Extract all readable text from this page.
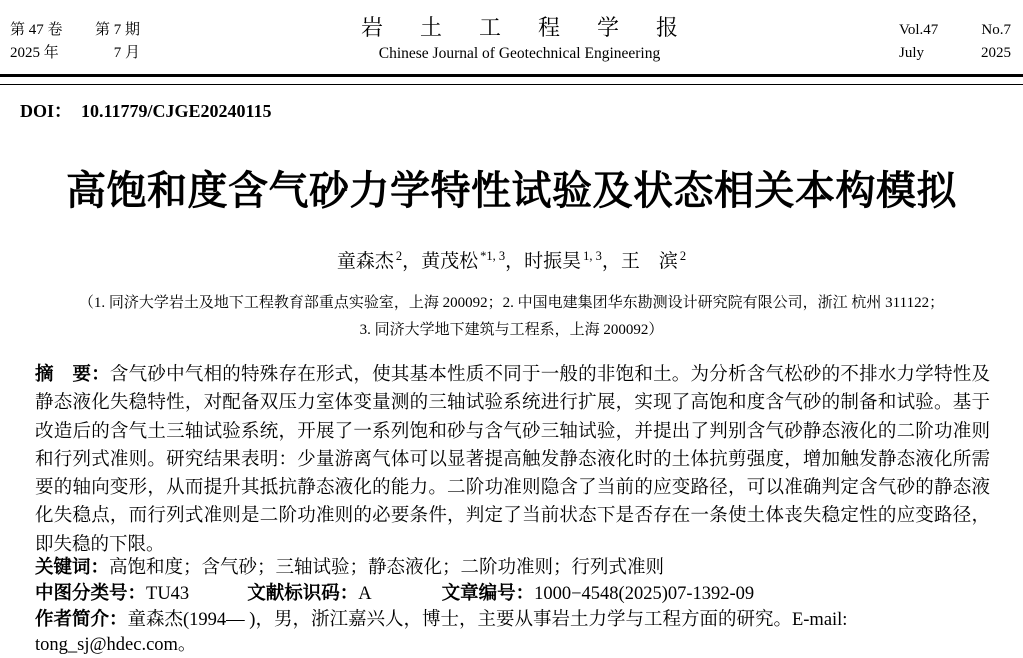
第 47 卷 第 7 期
2025 年	7 月
岩土工程学报
Chinese Journal of Geotechnical Engineering
Vol.47	No.7
July	2025
DOI： 10.11779/CJGE20240115
高饱和度含气砂力学特性试验及状态相关本构模拟
童森杰 $^2$，黄茂松 $^{*1, 3}$，时振昊 $^{1, 3}$，王　滨 $^2$
（1. 同济大学岩土及地下工程教育部重点实验室，上海 200092；2. 中国电建集团华东勘测设计研究院有限公司，浙江 杭州 311122；
3. 同济大学地下建筑与工程系，上海 200092）
摘　要：含气砂中气相的特殊存在形式，使其基本性质不同于一般的非饱和土。为分析含气松砂的不排水力学特性及
静态液化失稳特性，对配备双压力室体变量测的三轴试验系统进行扩展，实现了高饱和度含气砂的制备和试验。基于
改造后的含气土三轴试验系统，开展了一系列饱和砂与含气砂三轴试验，并提出了判别含气砂静态液化的二阶功准则
和行列式准则。研究结果表明：少量游离气体可以显著提高触发静态液化时的土体抗剪强度，增加触发静态液化所需
要的轴向变形，从而提升其抵抗静态液化的能力。二阶功准则隐含了当前的应变路径，可以准确判定含气砂的静态液
化失稳点，而行列式准则是二阶功准则的必要条件，判定了当前状态下是否存在一条使土体丧失稳定性的应变路径，
即失稳的下限。
关键词：高饱和度；含气砂；三轴试验；静态液化；二阶功准则；行列式准则
中图分类号：TU43	文献标识码：A	文章编号：1000−4548(2025)07-1392-09
作者简介：童森杰(1994— )，男，浙江嘉兴人，博士，主要从事岩土力学与工程方面的研究。E-mail: tong_sj@hdec.com。
